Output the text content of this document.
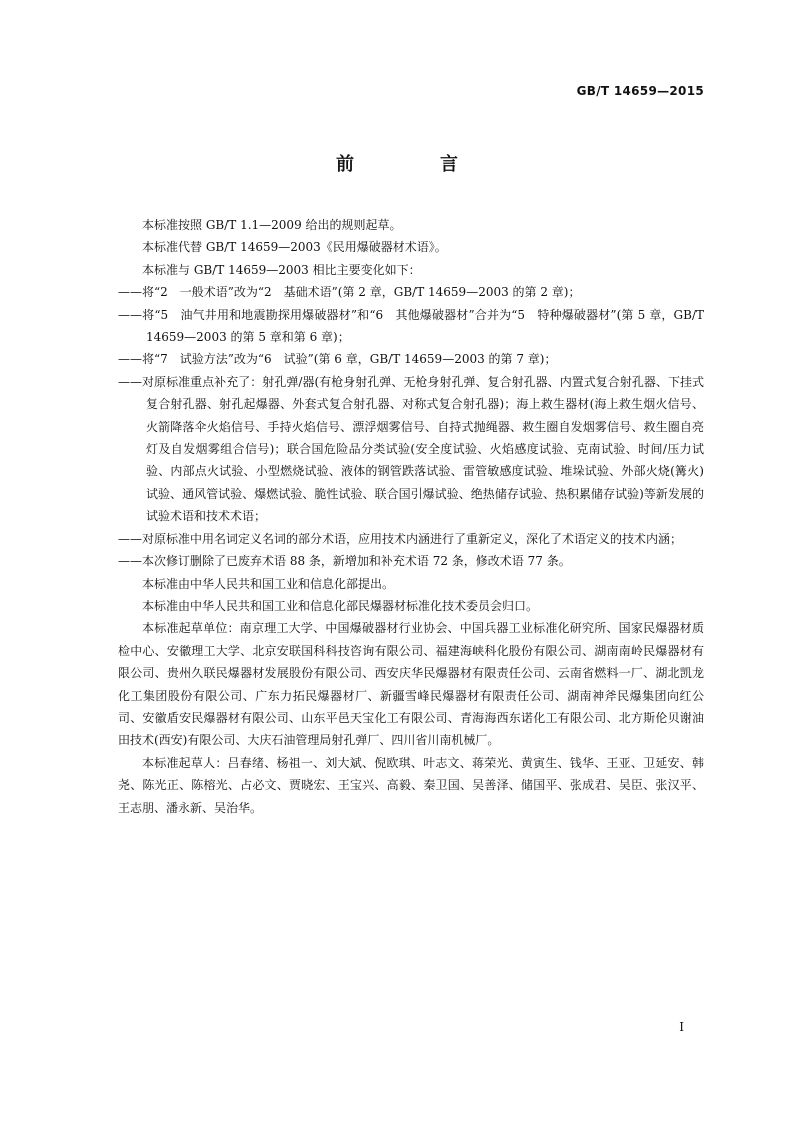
GB/T 14659—2015
前　言

本标准按照 GB/T 1.1—2009 给出的规则起草。

本标准代替 GB/T 14659—2003《民用爆破器材术语》。

本标准与 GB/T 14659—2003 相比主要变化如下：

——将“2　一般术语”改为“2　基础术语”(第 2 章，GB/T 14659—2003 的第 2 章)；

——将“5　油气井用和地震勘探用爆破器材”和“6　其他爆破器材”合并为“5　特种爆破器材”(第 5 章，GB/T 14659—2003 的第 5 章和第 6 章)；

——将“7　试验方法”改为“6　试验”(第 6 章，GB/T 14659—2003 的第 7 章)；

——对原标准重点补充了：射孔弹/器(有枪身射孔弹、无枪身射孔弹、复合射孔器、内置式复合射孔器、下挂式复合射孔器、射孔起爆器、外套式复合射孔器、对称式复合射孔器)；海上救生器材(海上救生烟火信号、火箭降落伞火焰信号、手持火焰信号、漂浮烟雾信号、自持式抛绳器、救生圈自发烟雾信号、救生圈自亮灯及自发烟雾组合信号)；联合国危险品分类试验(安全度试验、火焰感度试验、克南试验、时间/压力试验、内部点火试验、小型燃烧试验、液体的钢管跌落试验、雷管敏感度试验、堆垛试验、外部火烧(篝火)试验、通风管试验、爆燃试验、脆性试验、联合国引爆试验、绝热储存试验、热积累储存试验)等新发展的试验术语和技术术语；

——对原标准中用名词定义名词的部分术语，应用技术内涵进行了重新定义，深化了术语定义的技术内涵；

——本次修订删除了已废弃术语 88 条，新增加和补充术语 72 条，修改术语 77 条。

本标准由中华人民共和国工业和信息化部提出。

本标准由中华人民共和国工业和信息化部民爆器材标准化技术委员会归口。

本标准起草单位：南京理工大学、中国爆破器材行业协会、中国兵器工业标准化研究所、国家民爆器材质检中心、安徽理工大学、北京安联国科科技咨询有限公司、福建海峡科化股份有限公司、湖南南岭民爆器材有限公司、贵州久联民爆器材发展股份有限公司、西安庆华民爆器材有限责任公司、云南省燃料一厂、湖北凯龙化工集团股份有限公司、广东力拓民爆器材厂、新疆雪峰民爆器材有限责任公司、湖南神斧民爆集团向红公司、安徽盾安民爆器材有限公司、山东平邑天宝化工有限公司、青海海西东诺化工有限公司、北方斯伦贝谢油田技术(西安)有限公司、大庆石油管理局射孔弹厂、四川省川南机械厂。

本标准起草人：吕春绪、杨祖一、刘大斌、倪欧琪、叶志文、蒋荣光、黄寅生、钱华、王亚、卫延安、韩尧、陈光正、陈榕光、占必文、贾晓宏、王宝兴、高毅、秦卫国、吴善泽、储国平、张成君、吴臣、张汉平、王志朋、潘永新、吴治华。

I
